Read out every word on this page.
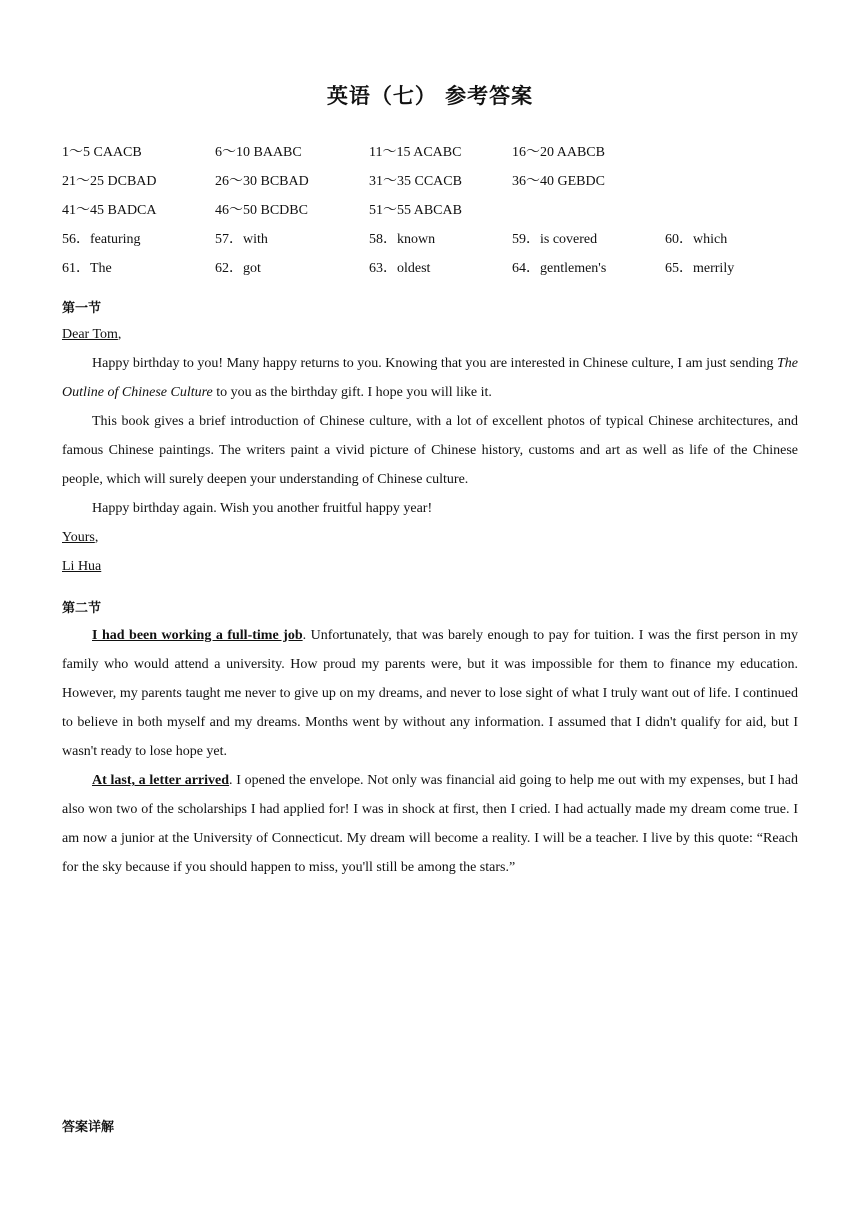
英语（七） 参考答案
1～5 CAACB	6～10 BAABC	11～15 ACABC	16～20 AABCB
21～25 DCBAD	26～30 BCBAD	31～35 CCACB	36～40 GEBDC
41～45 BADCA	46～50 BCDBC	51～55 ABCAB
56．featuring	57．with	58．known	59．is covered	60．which
61．The	62．got	63．oldest	64．gentlemen's	65．merrily
第一节

Dear Tom,

Happy birthday to you! Many happy returns to you. Knowing that you are interested in Chinese culture, I am just sending The Outline of Chinese Culture to you as the birthday gift. I hope you will like it.

This book gives a brief introduction of Chinese culture, with a lot of excellent photos of typical Chinese architectures, and famous Chinese paintings. The writers paint a vivid picture of Chinese history, customs and art as well as life of the Chinese people, which will surely deepen your understanding of Chinese culture.

Happy birthday again. Wish you another fruitful happy year!

Yours,

Li Hua

第二节

I had been working a full-time job. Unfortunately, that was barely enough to pay for tuition. I was the first person in my family who would attend a university. How proud my parents were, but it was impossible for them to finance my education. However, my parents taught me never to give up on my dreams, and never to lose sight of what I truly want out of life. I continued to believe in both myself and my dreams. Months went by without any information. I assumed that I didn't qualify for aid, but I wasn't ready to lose hope yet.

At last, a letter arrived. I opened the envelope. Not only was financial aid going to help me out with my expenses, but I had also won two of the scholarships I had applied for! I was in shock at first, then I cried. I had actually made my dream come true. I am now a junior at the University of Connecticut. My dream will become a reality. I will be a teacher. I live by this quote: “Reach for the sky because if you should happen to miss, you'll still be among the stars.”

答案详解
